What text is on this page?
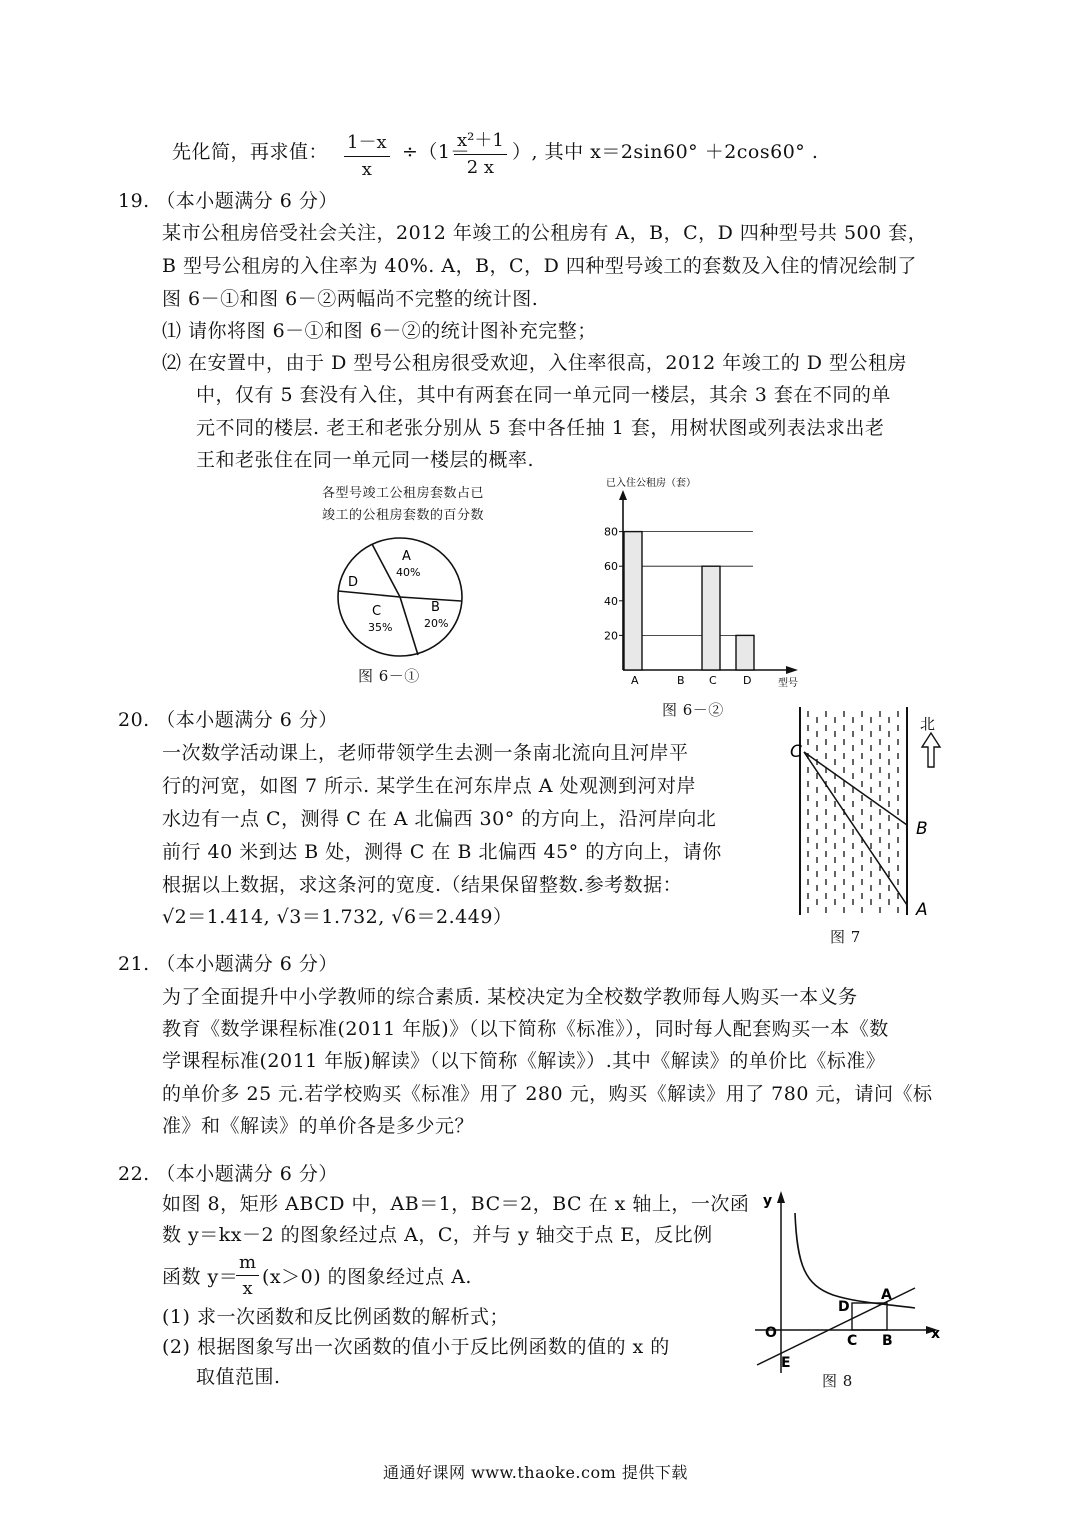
先化简，再求值： $\frac{1-x}{x} \div(1-$
$\frac{\text{x²＋1}}{2 x}$ ）, 其中 x＝2sin60° ＋2cos60° .
19. （本小题满分 6 分）
某市公租房倍受社会关注，2012 年竣工的公租房有 A，B，C，D 四种型号共 500 套，
B 型号公租房的入住率为 40%. A，B，C，D 四种型号竣工的套数及入住的情况绘制了
图 6－①和图 6－②两幅尚不完整的统计图.
⑴ 请你将图 6－①和图 6－②的统计图补充完整；
⑵ 在安置中，由于 D 型号公租房很受欢迎，入住率很高，2012 年竣工的 D 型公租房
中，仅有 5 套没有入住，其中有两套在同一单元同一楼层，其余 3 套在不同的单
元不同的楼层. 老王和老张分别从 5 套中各任抽 1 套，用树状图或列表法求出老
王和老张住在同一单元同一楼层的概率.
各型号竣工公租房套数占已
竣工的公租房套数的百分数
A
40%
D
C
35%
B
20%
图 6－①
已入住公租房（套）
型号
20
40
60
80
A	B C D
图 6－②
20. （本小题满分 6 分）
一次数学活动课上，老师带领学生去测一条南北流向且河岸平
行的河宽，如图 7 所示. 某学生在河东岸点 A 处观测到河对岸
水边有一点 C，测得 C 在 A 北偏西 30° 的方向上，沿河岸向北
前行 40 米到达 B 处，测得 C 在 B 北偏西 45° 的方向上，请你
根据以上数据，求这条河的宽度.（结果保留整数.参考数据：
√2＝1.414, √3＝1.732, √6＝2.449）
C
B
A
北
图 7
21. （本小题满分 6 分）
为了全面提升中小学教师的综合素质. 某校决定为全校数学教师每人购买一本义务
教育《数学课程标准(2011 年版)》（以下简称《标准》），同时每人配套购买一本《数
学课程标准(2011 年版)解读》（以下简称《解读》）.其中《解读》的单价比《标准》
的单价多 25 元.若学校购买《标准》用了 280 元，购买《解读》用了 780 元，请问《标
准》和《解读》的单价各是多少元？
22. （本小题满分 6 分）
如图 8，矩形 ABCD 中，AB＝1，BC＝2，BC 在 x 轴上，一次函
数 y＝kx－2 的图象经过点 A，C，并与 y 轴交于点 E，反比例
函数 y＝
$\frac{m}{x} (x>0)$ 的图象经过点 A.
(1) 求一次函数和反比例函数的解析式；
(2) 根据图象写出一次函数的值小于反比例函数的值的 x 的
取值范围.
y
x
O
D
A
C B
E
图 8
通通好课网 www.thaoke.com 提供下载
